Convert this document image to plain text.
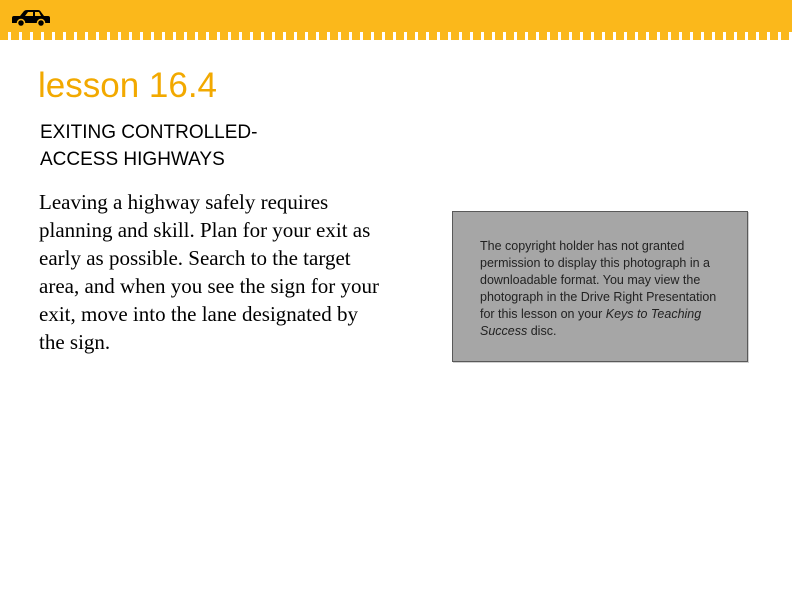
lesson 16.4
EXITING CONTROLLED-
ACCESS HIGHWAYS
Leaving a highway safely requires planning and skill. Plan for your exit as early as possible. Search to the target area, and when you see the sign for your exit, move into the lane designated by the sign.
The copyright holder has not granted permission to display this photograph in a downloadable format. You may view the photograph in the Drive Right Presentation for this lesson on your Keys to Teaching Success disc.
